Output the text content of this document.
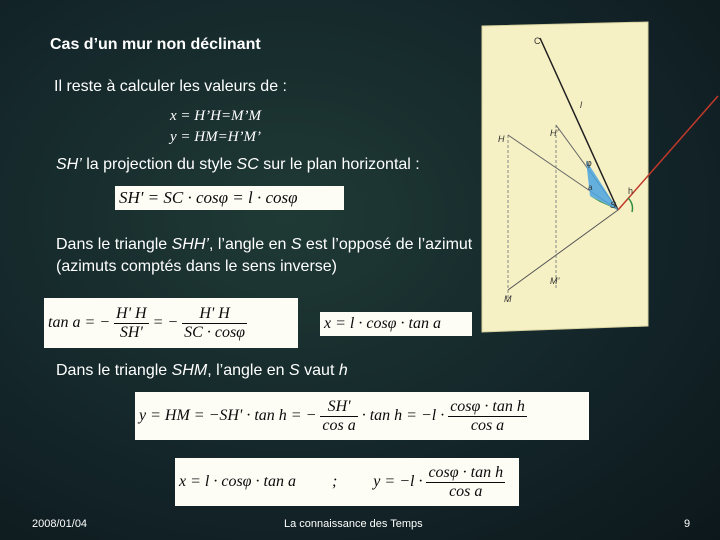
Cas d’un mur non déclinant
Il reste à calculer les valeurs de :
x = H’H=M’M
y = HM=H’M’
SH’ la projection du style SC sur le plan horizontal :
SH' = SC · cosφ = l · cosφ
Dans le triangle SHH’, l’angle en S est l’opposé de l’azimut (azimuts comptés dans le sens inverse)
tan a = − $\frac{H' H}{SH'}$ = − $\frac{H' H}{SC \cdot \cos\varphi}$	x = l · cosφ · tan a
Dans le triangle SHM, l’angle en S vaut h
y = HM = −SH' · tan h = − $\frac{SH'}{\text{cos a}} \cdot \tan h = -l \cdot \frac{\text{cosφ · tan h}}{\text{cos a}}$
x = l · cosφ · tan a ; $y = -l \cdot \frac{\text{cosφ · tan h}}{\text{cos a}}$
C
l
H
H’
φ
a	h
S
M’
M
2008/01/04	La connaissance des Temps	9
